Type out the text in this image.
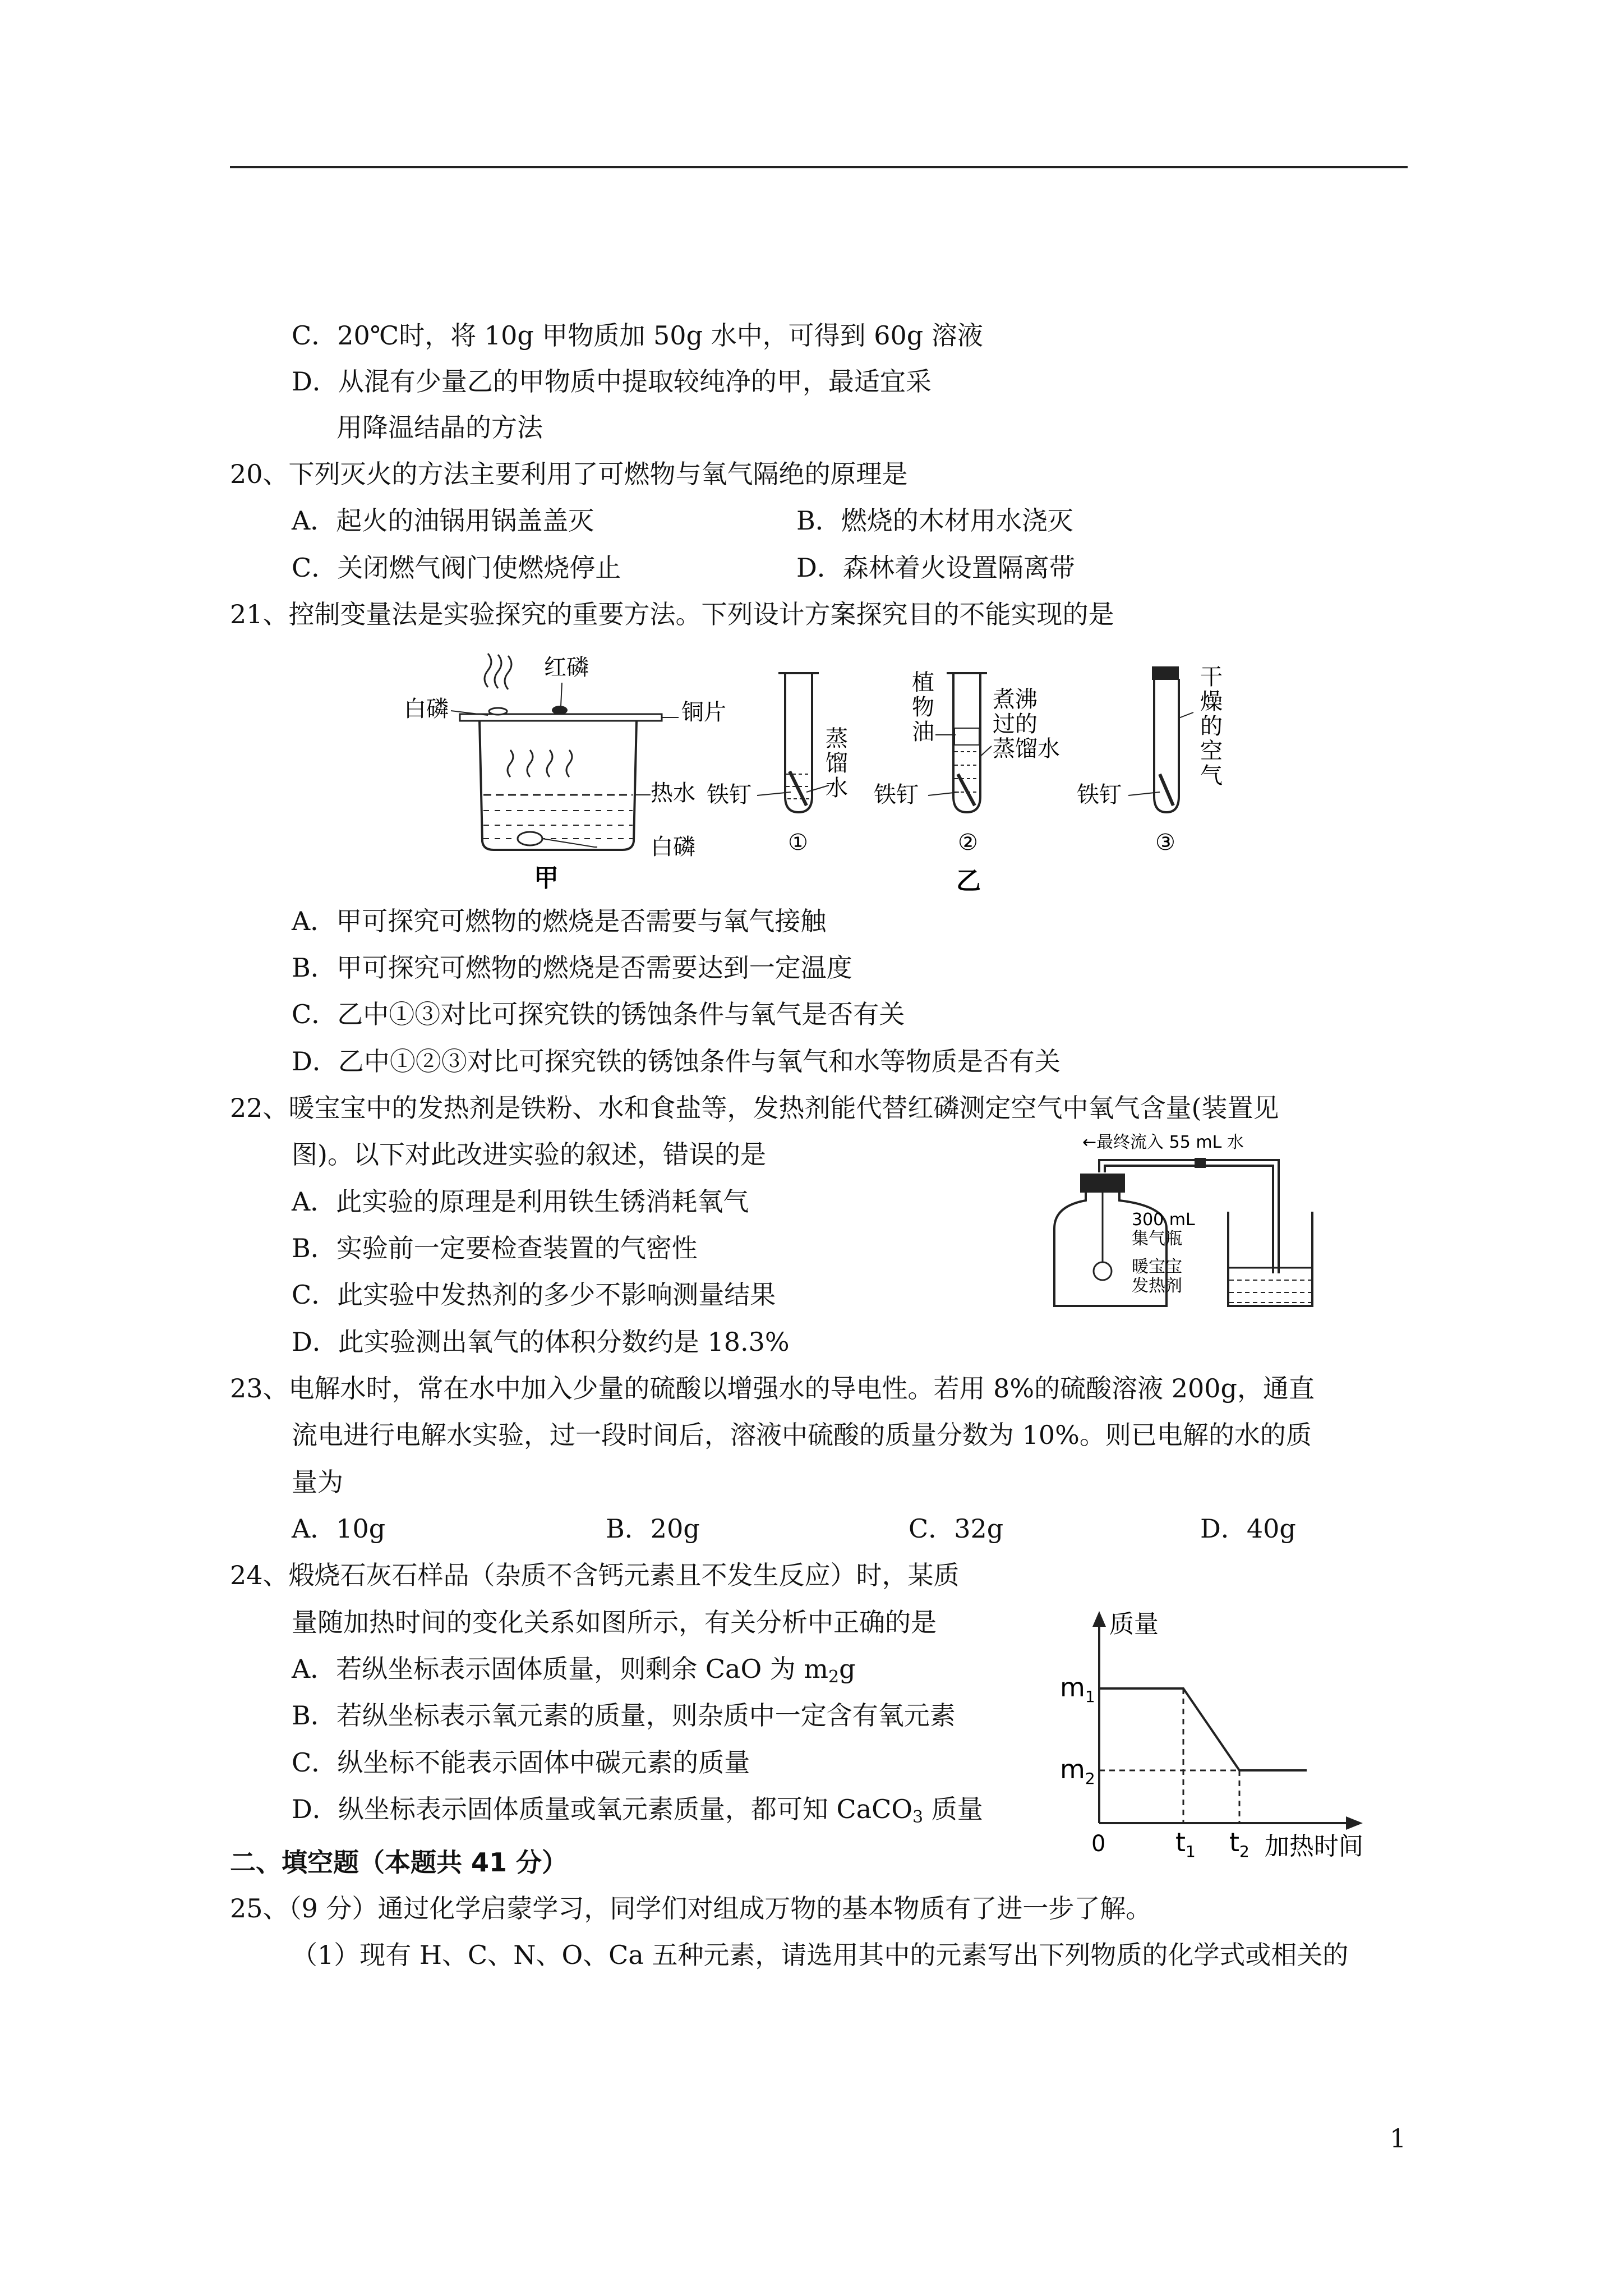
C．20℃时，将 10g 甲物质加 50g 水中，可得到 60g 溶液
D．从混有少量乙的甲物质中提取较纯净的甲，最适宜采
用降温结晶的方法
20、下列灭火的方法主要利用了可燃物与氧气隔绝的原理是
A．起火的油锅用锅盖盖灭	B．燃烧的木材用水浇灭
C．关闭燃气阀门使燃烧停止	D．森林着火设置隔离带
21、控制变量法是实验探究的重要方法。下列设计方案探究目的不能实现的是
红磷
白磷	铜片
热水
白磷
甲
铁钉
蒸馏水
①
植物油
铁钉
煮沸过的蒸馏水
②
铁钉
干燥的空气
③
乙
A．甲可探究可燃物的燃烧是否需要与氧气接触
B．甲可探究可燃物的燃烧是否需要达到一定温度
C．乙中①③对比可探究铁的锈蚀条件与氧气是否有关
D．乙中①②③对比可探究铁的锈蚀条件与氧气和水等物质是否有关
22、暖宝宝中的发热剂是铁粉、水和食盐等，发热剂能代替红磷测定空气中氧气含量(装置见
图)。以下对此改进实验的叙述，错误的是	←最终流入 55 mL 水
300 mL
集气瓶
暖宝宝
发热剂
A．此实验的原理是利用铁生锈消耗氧气
B．实验前一定要检查装置的气密性
C．此实验中发热剂的多少不影响测量结果
D．此实验测出氧气的体积分数约是 18.3%
23、电解水时，常在水中加入少量的硫酸以增强水的导电性。若用 8%的硫酸溶液 200g，通直
流电进行电解水实验，过一段时间后，溶液中硫酸的质量分数为 10%。则已电解的水的质
量为
A．10g	B．20g	C．32g	D．40g
24、煅烧石灰石样品（杂质不含钙元素且不发生反应）时，某质
量随加热时间的变化关系如图所示，有关分析中正确的是
A．若纵坐标表示固体质量，则剩余 CaO 为 $m_2g$
B．若纵坐标表示氧元素的质量，则杂质中一定含有氧元素
C．纵坐标不能表示固体中碳元素的质量
D．纵坐标表示固体质量或氧元素质量，都可知 CaCO$_3$ 质量
质量
$m_1$
$m_2$
0	$t_1$ $t_2$ 加热时间
二、填空题（本题共 41 分）
25、（9 分）通过化学启蒙学习，同学们对组成万物的基本物质有了进一步了解。
（1）现有 H、C、N、O、Ca 五种元素，请选用其中的元素写出下列物质的化学式或相关的
1
